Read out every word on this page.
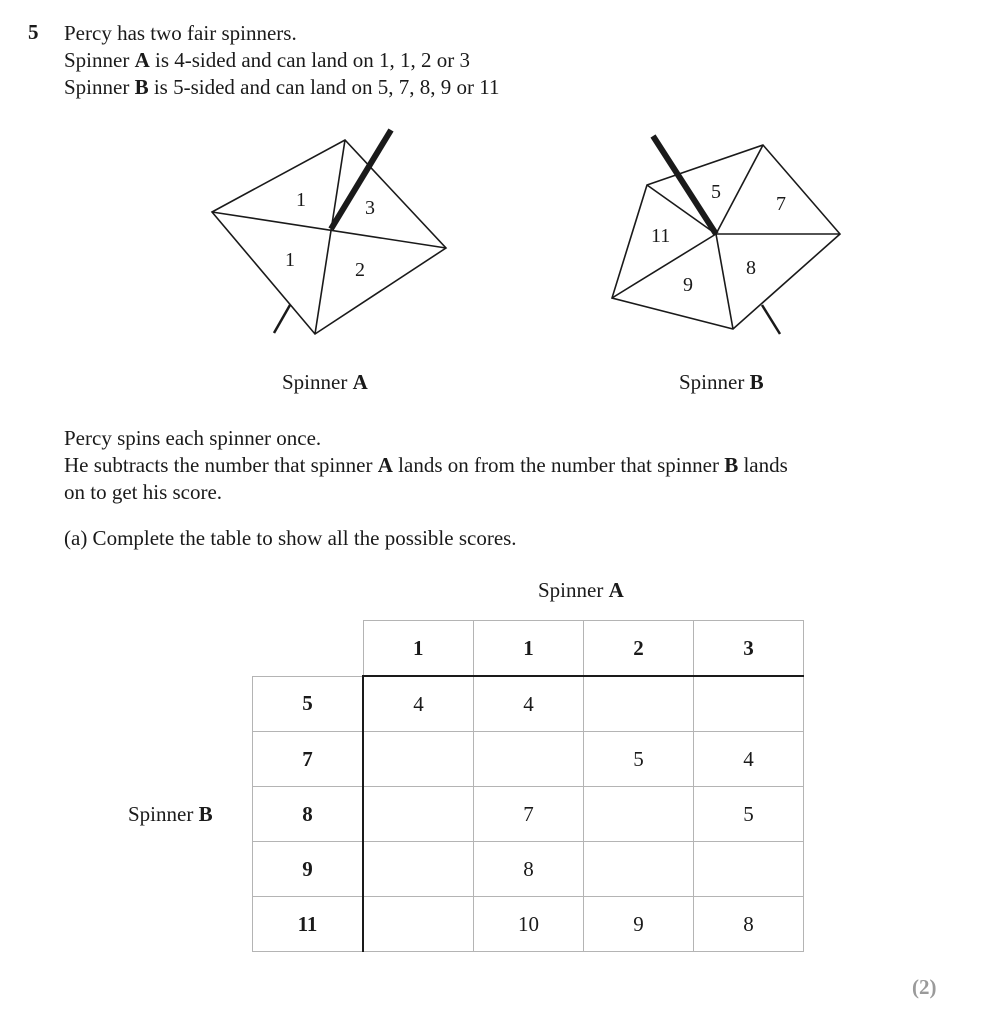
5 Percy has two fair spinners.
Spinner A is 4-sided and can land on 1, 1, 2 or 3
Spinner B is 5-sided and can land on 5, 7, 8, 9 or 11
1	3
1	2
5
7
11
8
9
Spinner A	Spinner B
Percy spins each spinner once.
He subtracts the number that spinner A lands on from the number that spinner B lands
on to get his score.
(a) Complete the table to show all the possible scores.
Spinner A
Spinner B
	1	1	2	3
5	4	4		
7			5	4
8		7		5
9		8		
11		10	9	8
(2)
